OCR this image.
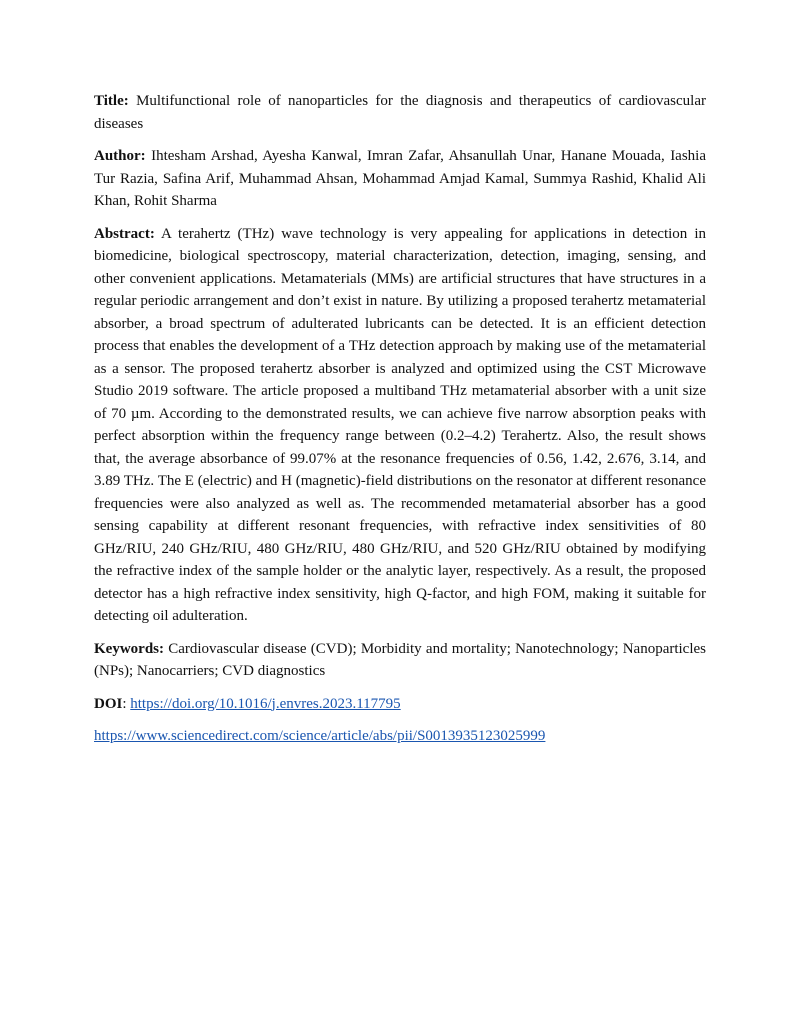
Title: Multifunctional role of nanoparticles for the diagnosis and therapeutics of cardiovascular diseases

Author: Ihtesham Arshad, Ayesha Kanwal, Imran Zafar, Ahsanullah Unar, Hanane Mouada, Iashia Tur Razia, Safina Arif, Muhammad Ahsan, Mohammad Amjad Kamal, Summya Rashid, Khalid Ali Khan, Rohit Sharma

Abstract: A terahertz (THz) wave technology is very appealing for applications in detection in biomedicine, biological spectroscopy, material characterization, detection, imaging, sensing, and other convenient applications. Metamaterials (MMs) are artificial structures that have structures in a regular periodic arrangement and don’t exist in nature. By utilizing a proposed terahertz metamaterial absorber, a broad spectrum of adulterated lubricants can be detected. It is an efficient detection process that enables the development of a THz detection approach by making use of the metamaterial as a sensor. The proposed terahertz absorber is analyzed and optimized using the CST Microwave Studio 2019 software. The article proposed a multiband THz metamaterial absorber with a unit size of 70 µm. According to the demonstrated results, we can achieve five narrow absorption peaks with perfect absorption within the frequency range between (0.2–4.2) Terahertz. Also, the result shows that, the average absorbance of 99.07% at the resonance frequencies of 0.56, 1.42, 2.676, 3.14, and 3.89 THz. The E (electric) and H (magnetic)-field distributions on the resonator at different resonance frequencies were also analyzed as well as. The recommended metamaterial absorber has a good sensing capability at different resonant frequencies, with refractive index sensitivities of 80 GHz/RIU, 240 GHz/RIU, 480 GHz/RIU, 480 GHz/RIU, and 520 GHz/RIU obtained by modifying the refractive index of the sample holder or the analytic layer, respectively. As a result, the proposed detector has a high refractive index sensitivity, high Q-factor, and high FOM, making it suitable for detecting oil adulteration.

Keywords: Cardiovascular disease (CVD); Morbidity and mortality; Nanotechnology; Nanoparticles (NPs); Nanocarriers; CVD diagnostics

DOI: https://doi.org/10.1016/j.envres.2023.117795

https://www.sciencedirect.com/science/article/abs/pii/S0013935123025999
